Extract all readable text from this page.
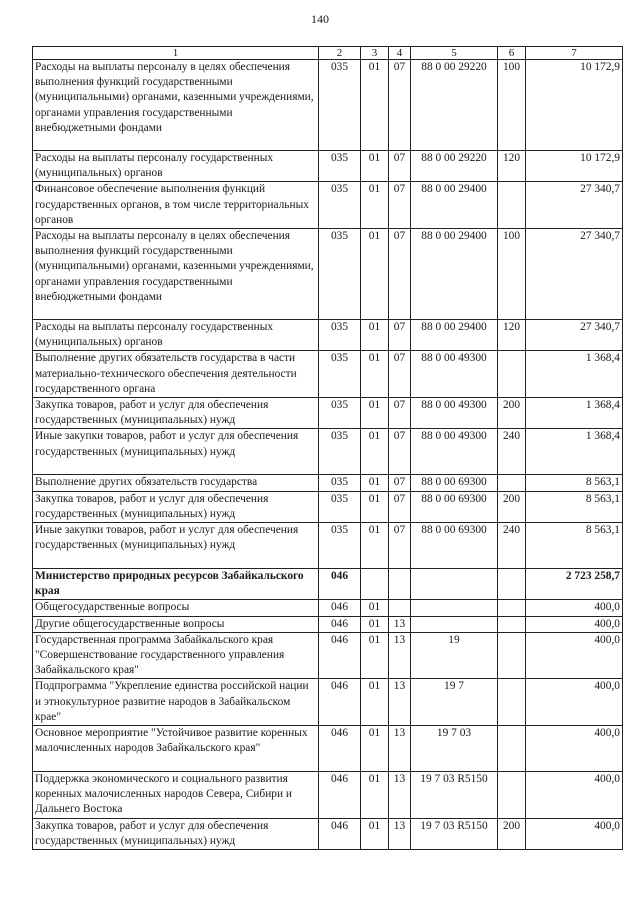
140
1	2	3	4	5	6	7
Расходы на выплаты персоналу в целях обеспечения выполнения функций государственными (муниципальными) органами, казенными учреждениями, органами управления государственными внебюджетными фондами	035	01	07	88 0 00 29220	100	10 172,9
Расходы на выплаты персоналу государственных (муниципальных) органов	035	01	07	88 0 00 29220	120	10 172,9
Финансовое обеспечение выполнения функций государственных органов, в том числе территориальных органов	035	01	07	88 0 00 29400		27 340,7
Расходы на выплаты персоналу в целях обеспечения выполнения функций государственными (муниципальными) органами, казенными учреждениями, органами управления государственными внебюджетными фондами	035	01	07	88 0 00 29400	100	27 340,7
Расходы на выплаты персоналу государственных (муниципальных) органов	035	01	07	88 0 00 29400	120	27 340,7
Выполнение других обязательств государства в части материально-технического обеспечения деятельности государственного органа	035	01	07	88 0 00 49300		1 368,4
Закупка товаров, работ и услуг для обеспечения государственных (муниципальных) нужд	035	01	07	88 0 00 49300	200	1 368,4
Иные закупки товаров, работ и услуг для обеспечения государственных (муниципальных) нужд	035	01	07	88 0 00 49300	240	1 368,4
Выполнение других обязательств государства	035	01	07	88 0 00 69300		8 563,1
Закупка товаров, работ и услуг для обеспечения государственных (муниципальных) нужд	035	01	07	88 0 00 69300	200	8 563,1
Иные закупки товаров, работ и услуг для обеспечения государственных (муниципальных) нужд	035	01	07	88 0 00 69300	240	8 563,1
Министерство природных ресурсов Забайкальского края	046					2 723 258,7
Общегосударственные вопросы	046	01				400,0
Другие общегосударственные вопросы	046	01	13			400,0
Государственная программа Забайкальского края "Совершенствование государственного управления Забайкальского края"	046	01	13	19		400,0
Подпрограмма "Укрепление единства российской нации и этнокультурное развитие народов в Забайкальском крае"	046	01	13	19 7		400,0
Основное мероприятие "Устойчивое развитие коренных малочисленных народов Забайкальского края"	046	01	13	19 7 03		400,0
Поддержка экономического и социального развития коренных малочисленных народов Севера, Сибири и Дальнего Востока	046	01	13	19 7 03 R5150		400,0
Закупка товаров, работ и услуг для обеспечения государственных (муниципальных) нужд	046	01	13	19 7 03 R5150	200	400,0
